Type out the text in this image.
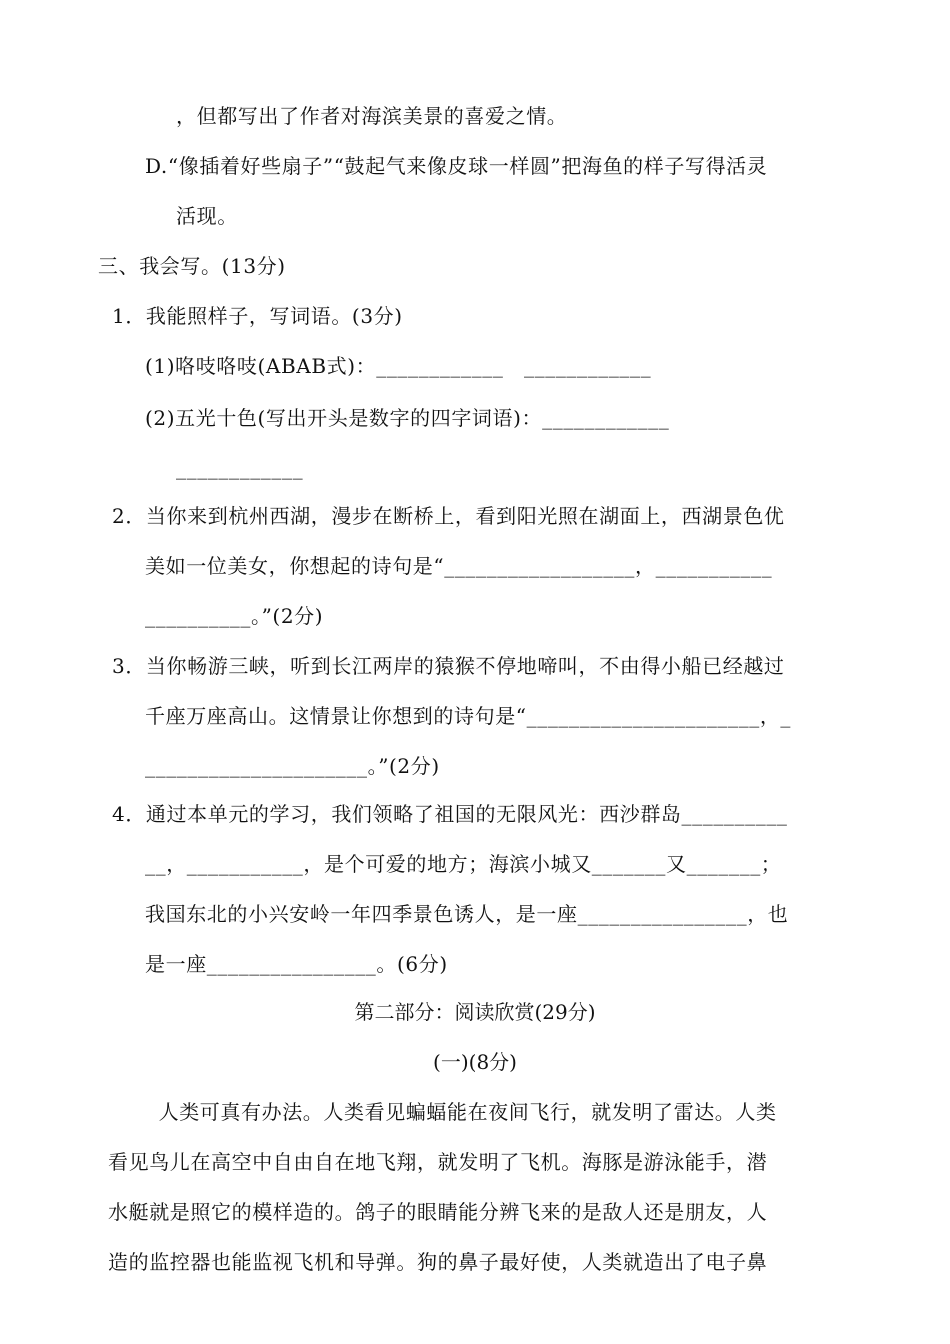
，但都写出了作者对海滨美景的喜爱之情。
D.“像插着好些扇子”“鼓起气来像皮球一样圆”把海鱼的样子写得活灵
活现。
三、我会写。(13分)
1．我能照样子，写词语。(3分)
(1)咯吱咯吱(ABAB式)：____________　____________
(2)五光十色(写出开头是数字的四字词语)：____________
____________
2．当你来到杭州西湖，漫步在断桥上，看到阳光照在湖面上，西湖景色优
美如一位美女，你想起的诗句是“__________________，___________
__________。”(2分)
3．当你畅游三峡，听到长江两岸的猿猴不停地啼叫，不由得小船已经越过
千座万座高山。这情景让你想到的诗句是“______________________，_
_____________________。”(2分)
4．通过本单元的学习，我们领略了祖国的无限风光：西沙群岛__________
__，___________，是个可爱的地方；海滨小城又_______又_______；
我国东北的小兴安岭一年四季景色诱人，是一座________________，也
是一座________________。(6分)
第二部分：阅读欣赏(29分)
(一)(8分)
　人类可真有办法。人类看见蝙蝠能在夜间飞行，就发明了雷达。人类
看见鸟儿在高空中自由自在地飞翔，就发明了飞机。海豚是游泳能手，潜
水艇就是照它的模样造的。鸽子的眼睛能分辨飞来的是敌人还是朋友，人
造的监控器也能监视飞机和导弹。狗的鼻子最好使，人类就造出了电子鼻
